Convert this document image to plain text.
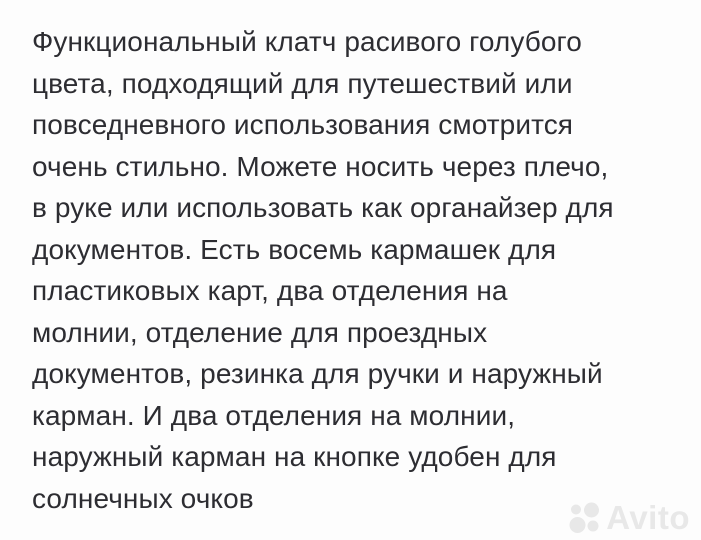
Функциональный клатч расивого голубого
цвета, подходящий для путешествий или
повседневного использования смотрится
очень стильно. Можете носить через плечо,
в руке или использовать как органайзер для
документов. Есть восемь кармашек для
пластиковых карт, два отделения на
молнии, отделение для проездных
документов, резинка для ручки и наружный
карман. И два отделения на молнии,
наружный карман на кнопке удобен для
солнечных очков
Avito
